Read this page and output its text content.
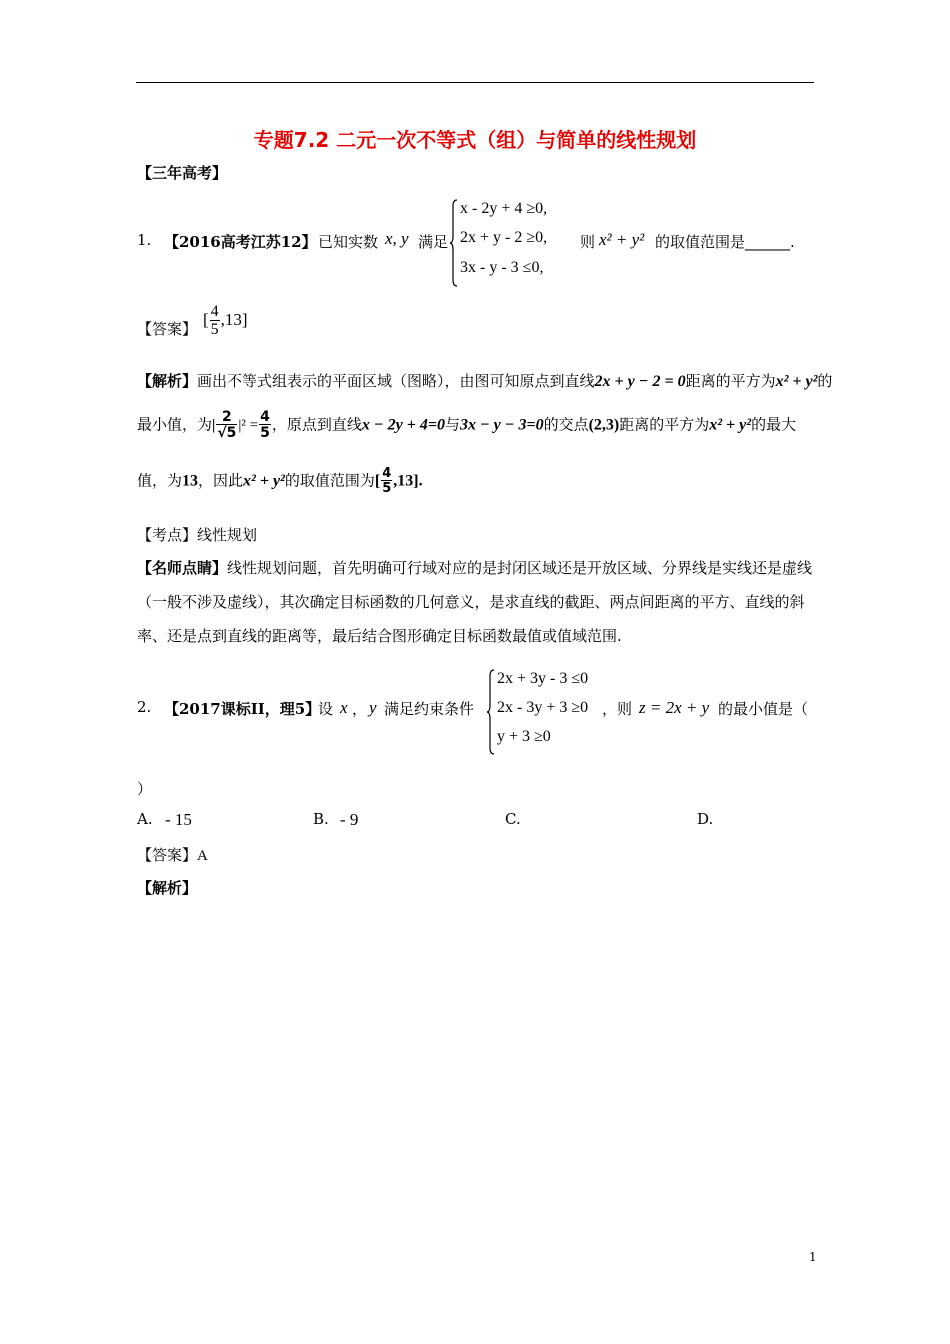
专题7.2 二元一次不等式（组）与简单的线性规划
【三年高考】
1. 【2016高考江苏12】 已知实数 x, y 满足
x - 2y + 4 ≥0,
2x + y - 2 ≥0,
3x - y - 3 ≤0,
则 x² + y² 的取值范围是______.
【答案】
[ $\frac{4}{5} ,13$]
【解析】画出不等式组表示的平面区域（图略），由图可知原点到直线2x + y − 2 = 0距离的平方为x² + y²的
最小值，为| $\frac{2}{√5} |^2 = \frac{4}{5}$ ，原点到直线x − 2y + 4=0与3x − y − 3=0的交点(2,3)距离的平方为x² + y²的最大
值，为13，因此x² + y²的取值范围为[ $\frac{4}{5} ,13$].
【考点】线性规划
【名师点睛】线性规划问题，首先明确可行域对应的是封闭区域还是开放区域、分界线是实线还是虚线（一般不涉及虚线），其次确定目标函数的几何意义，是求直线的截距、两点间距离的平方、直线的斜率、还是点到直线的距离等，最后结合图形确定目标函数最值或值域范围.
2. 【2017课标II，理5】
设 x ， y 满足约束条件
2x + 3y - 3 ≤0
2x - 3y + 3 ≥0
y + 3 ≥0
，则 z = 2x + y 的最小值是（
）
A. - 15	B. - 9	C.	D.
【答案】A
【解析】
1
